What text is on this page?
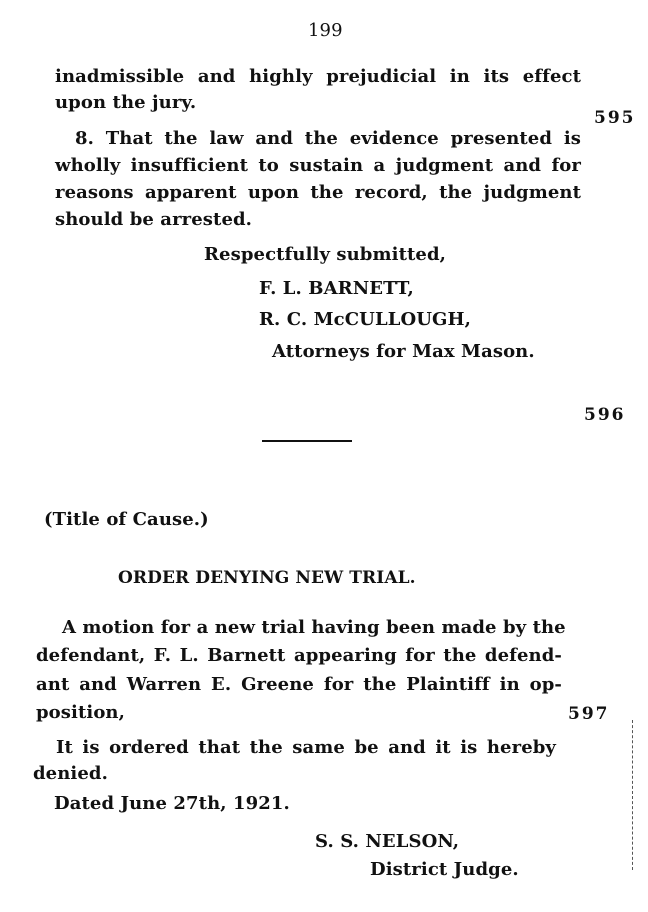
199
inadmissible and highly prejudicial in its effect
upon the jury.
595
8. That the law and the evidence presented is
wholly insufficient to sustain a judgment and for
reasons apparent upon the record, the judgment
should be arrested.
Respectfully submitted,
F. L. BARNETT,
R. C. McCULLOUGH,
Attorneys for Max Mason.
596
(Title of Cause.)
ORDER DENYING NEW TRIAL.
A motion for a new trial having been made by the
defendant, F. L. Barnett appearing for the defend-
ant and Warren E. Greene for the Plaintiff in op-
position,	597
It is ordered that the same be and it is hereby
denied.
Dated June 27th, 1921.
S. S. NELSON,
District Judge.
